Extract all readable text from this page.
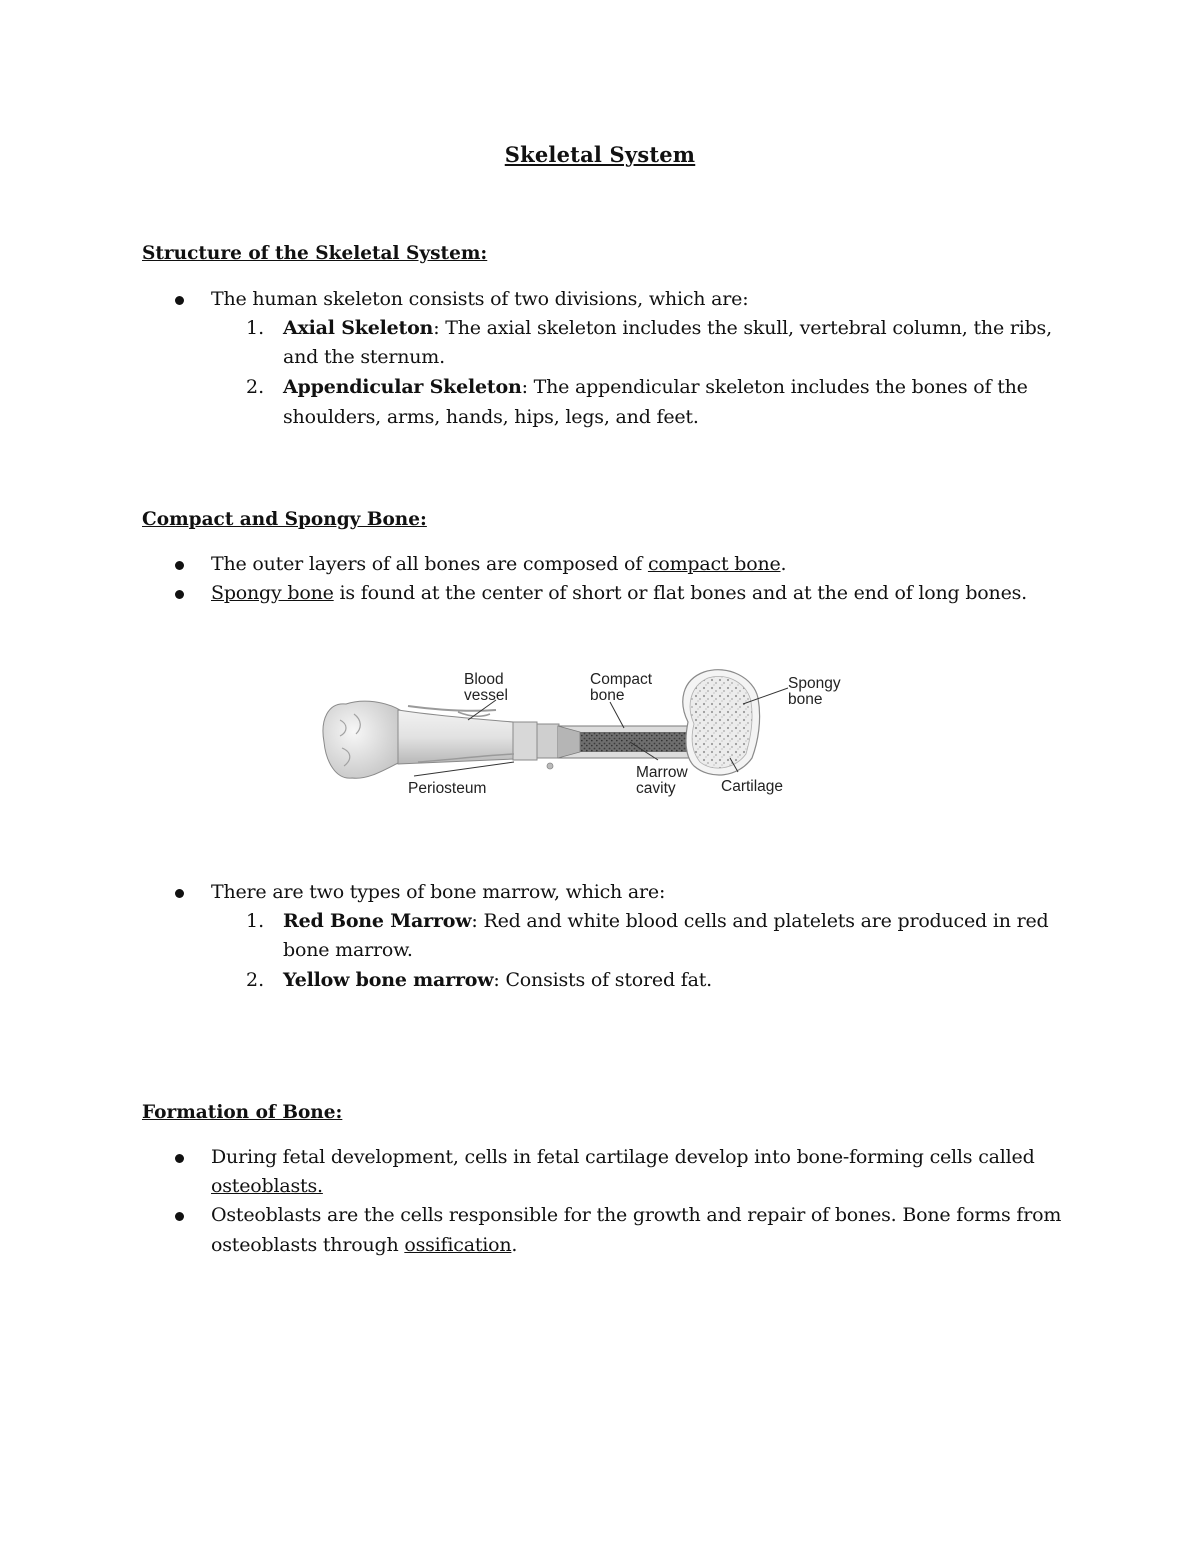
Skeletal System
Structure of the Skeletal System:
The human skeleton consists of two divisions, which are:
1. Axial Skeleton: The axial skeleton includes the skull, vertebral column, the ribs,
and the sternum.
2. Appendicular Skeleton: The appendicular skeleton includes the bones of the
shoulders, arms, hands, hips, legs, and feet.
Compact and Spongy Bone:
The outer layers of all bones are composed of compact bone.
Spongy bone is found at the center of short or flat bones and at the end of long bones.
Blood
vessel
Compact
bone
Spongy
bone
Periosteum
Marrow
cavity	Cartilage
There are two types of bone marrow, which are:
1. Red Bone Marrow: Red and white blood cells and platelets are produced in red
bone marrow.
2. Yellow bone marrow: Consists of stored fat.
Formation of Bone:
During fetal development, cells in fetal cartilage develop into bone-forming cells called
osteoblasts.
Osteoblasts are the cells responsible for the growth and repair of bones. Bone forms from
osteoblasts through ossification.
